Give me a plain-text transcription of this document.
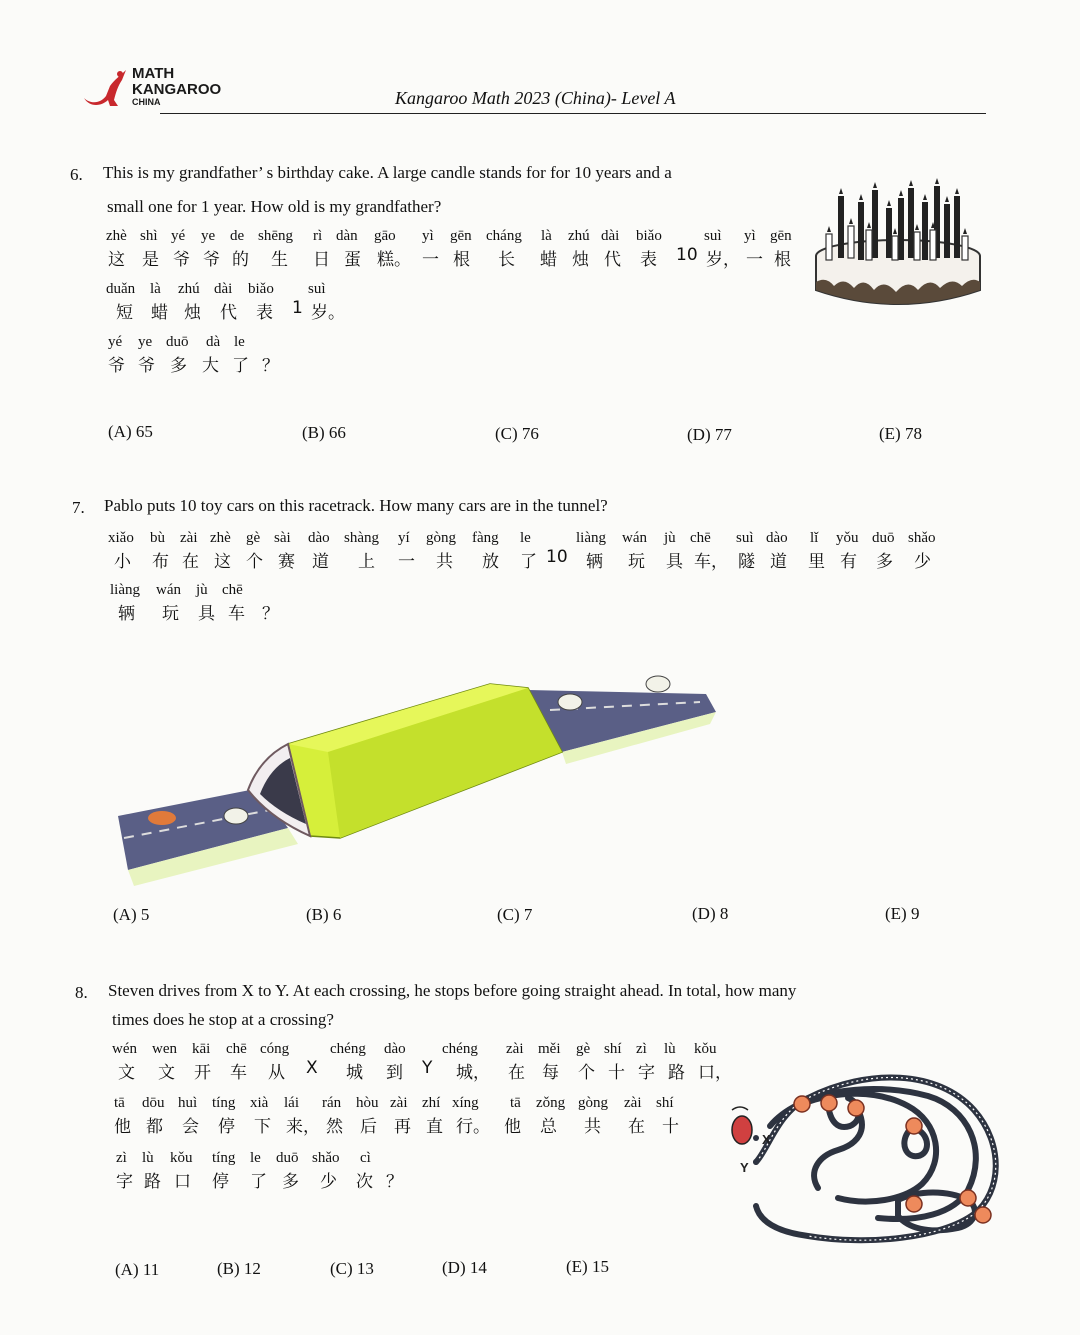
MATH
KANGAROO
CHINA	Kangaroo Math 2023 (China)- Level A
6. This is my grandfather’ s birthday cake. A large candle stands for for 10 years and a
small one for 1 year. How old is my grandfather?
zhè shì yé ye de shēng rì dàn gāo yì gēn cháng là zhú dài biǎo	suì yì gēn
这 是 爷 爷 的 生 日 蛋 糕。 一 根 长 蜡 烛 代 表 10 岁， 一 根
duǎn là zhú dài biǎo suì
短 蜡 烛 代 表 1 岁。
yé ye duō dà le
爷 爷 多 大 了 ？
(A) 65	(B) 66	(C) 76	(D) 77	(E) 78
7. Pablo puts 10 toy cars on this racetrack. How many cars are in the tunnel?
xiǎo bù zài zhè gè sài dào shàng yí gòng fàng le	liàng wán jù chē suì dào lǐ yǒu duō shǎo
小 布 在 这 个 赛 道 上 一 共 放 了 10 辆 玩 具 车， 隧 道 里 有 多 少
liàng wán jù chē
辆 玩 具 车 ？
(A) 5	(B) 6	(C) 7	(D) 8	(E) 9
8. Steven drives from X to Y. At each crossing, he stops before going straight ahead. In total, how many
times does he stop at a crossing?
wén wen kāi chē cóng	chéng dào chéng zài měi gè shí zì lù kǒu
文 文 开 车 从 X 城 到 Y 城， 在 每 个 十 字 路 口，
tā dōu huì tíng xià lái rán hòu zài zhí xíng tā zǒng gòng zài shí
他 都 会 停 下 来， 然 后 再 直 行。 他 总 共 在 十
zì lù kǒu tíng le duō shǎo cì
字 路 口 停 了 多 少 次 ？
X
Y
(A) 11	(B) 12	(C) 13	(D) 14	(E) 15
